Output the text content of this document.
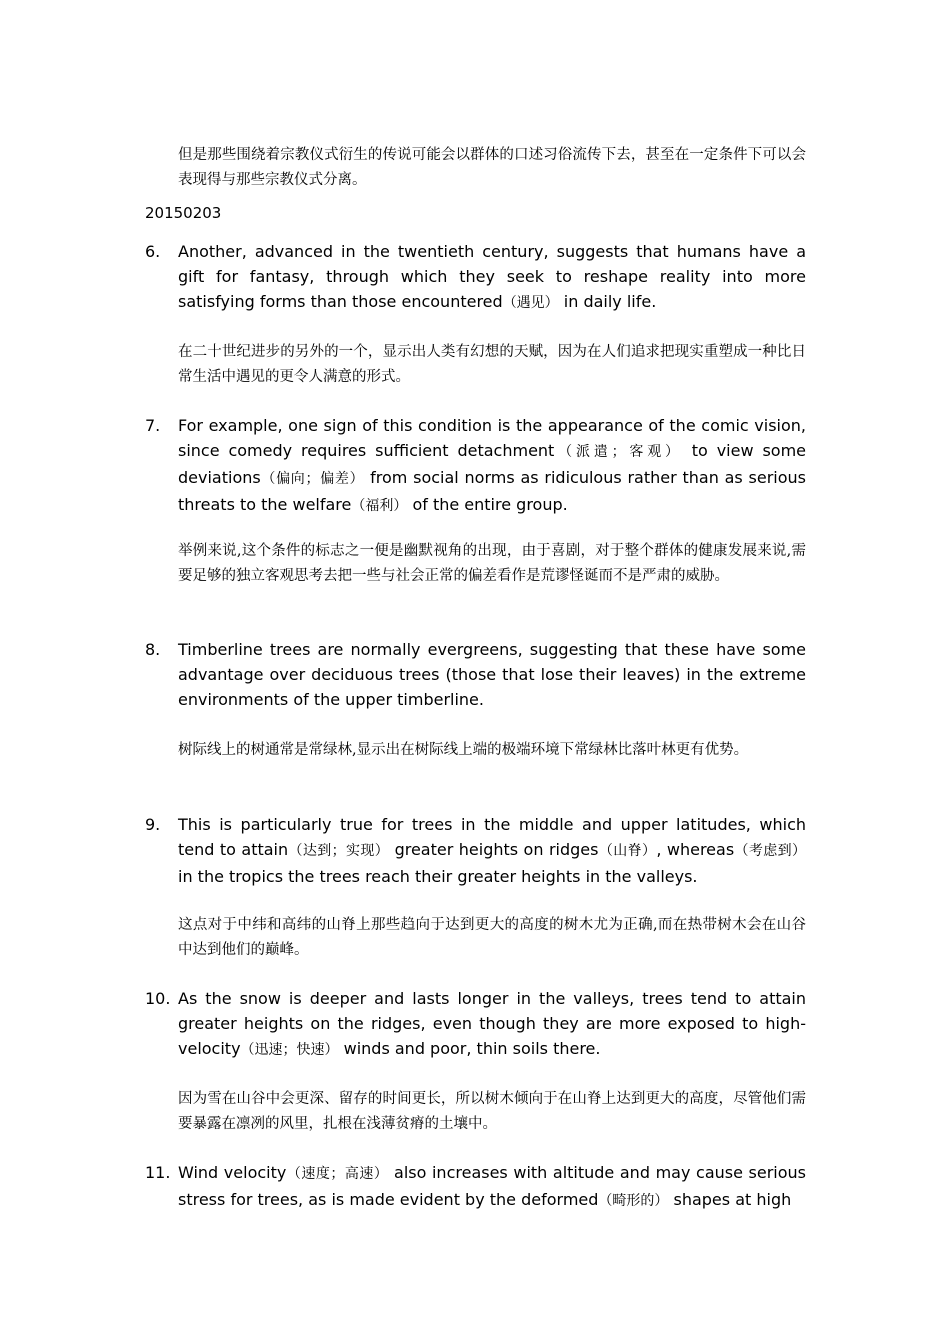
但是那些围绕着宗教仪式衍生的传说可能会以群体的口述习俗流传下去，甚至在一定条件下可以会表现得与那些宗教仪式分离。
20150203
6. Another, advanced in the twentieth century, suggests that humans have a gift for fantasy, through which they seek to reshape reality into more satisfying forms than those encountered（遇见） in daily life.
在二十世纪进步的另外的一个，显示出人类有幻想的天赋，因为在人们追求把现实重塑成一种比日常生活中遇见的更令人满意的形式。
7. For example, one sign of this condition is the appearance of the comic vision, since comedy requires sufficient detachment（派遣；客观） to view some deviations（偏向；偏差） from social norms as ridiculous rather than as serious threats to the welfare（福利） of the entire group.
举例来说,这个条件的标志之一便是幽默视角的出现，由于喜剧，对于整个群体的健康发展来说,需要足够的独立客观思考去把一些与社会正常的偏差看作是荒谬怪诞而不是严肃的威胁。
8. Timberline trees are normally evergreens, suggesting that these have some advantage over deciduous trees (those that lose their leaves) in the extreme environments of the upper timberline.
树际线上的树通常是常绿林,显示出在树际线上端的极端环境下常绿林比落叶林更有优势。
9. This is particularly true for trees in the middle and upper latitudes, which tend to attain（达到；实现） greater heights on ridges（山脊）, whereas（考虑到） in the tropics the trees reach their greater heights in the valleys.
这点对于中纬和高纬的山脊上那些趋向于达到更大的高度的树木尤为正确,而在热带树木会在山谷中达到他们的巅峰。
10. As the snow is deeper and lasts longer in the valleys, trees tend to attain greater heights on the ridges, even though they are more exposed to high-velocity（迅速；快速） winds and poor, thin soils there.
因为雪在山谷中会更深、留存的时间更长，所以树木倾向于在山脊上达到更大的高度，尽管他们需要暴露在凛冽的风里，扎根在浅薄贫瘠的土壤中。
11. Wind velocity（速度；高速） also increases with altitude and may cause serious stress for trees, as is made evident by the deformed（畸形的） shapes at high
